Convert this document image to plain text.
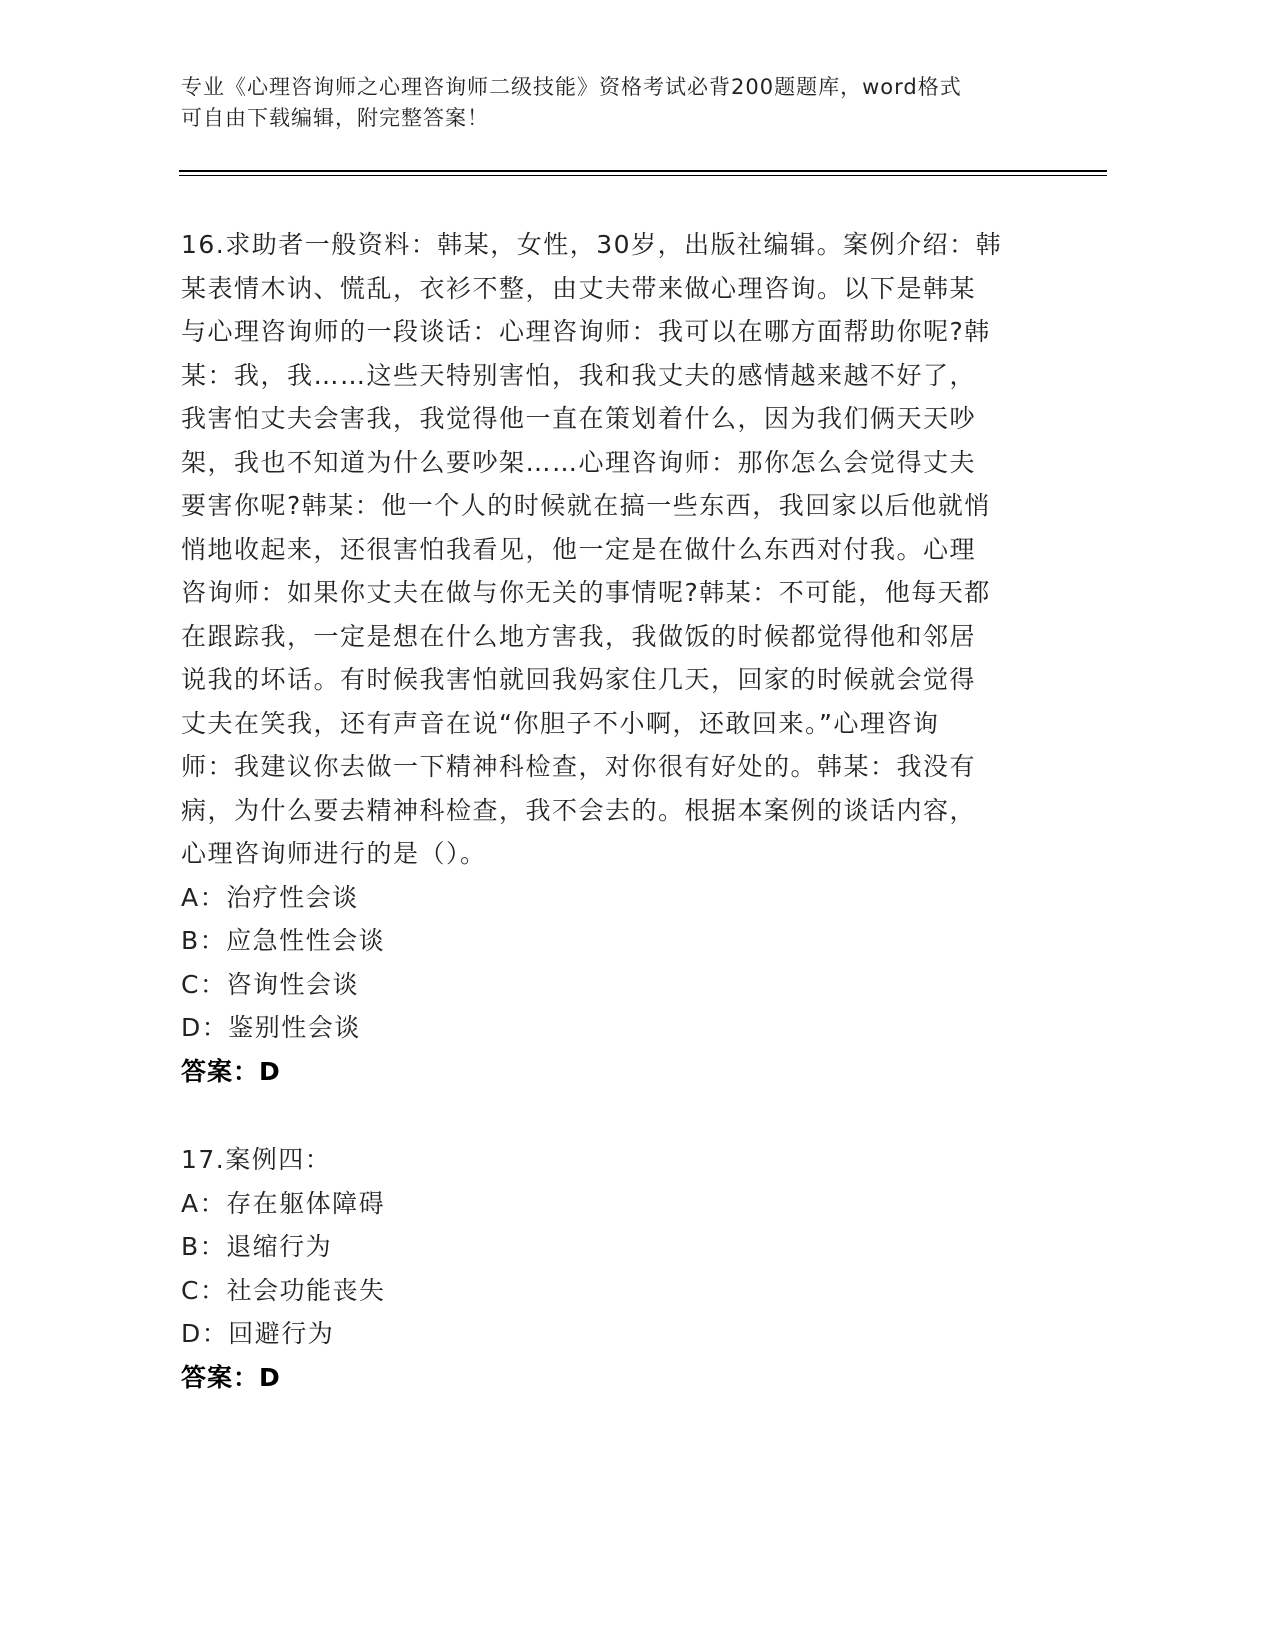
专业《心理咨询师之心理咨询师二级技能》资格考试必背200题题库，word格式
可自由下载编辑，附完整答案！
16.求助者一般资料：韩某，女性，30岁，出版社编辑。案例介绍：韩
某表情木讷、慌乱，衣衫不整，由丈夫带来做心理咨询。以下是韩某
与心理咨询师的一段谈话：心理咨询师：我可以在哪方面帮助你呢?韩
某：我，我……这些天特别害怕，我和我丈夫的感情越来越不好了，
我害怕丈夫会害我，我觉得他一直在策划着什么，因为我们俩天天吵
架，我也不知道为什么要吵架……心理咨询师：那你怎么会觉得丈夫
要害你呢?韩某：他一个人的时候就在搞一些东西，我回家以后他就悄
悄地收起来，还很害怕我看见，他一定是在做什么东西对付我。心理
咨询师：如果你丈夫在做与你无关的事情呢?韩某：不可能，他每天都
在跟踪我，一定是想在什么地方害我，我做饭的时候都觉得他和邻居
说我的坏话。有时候我害怕就回我妈家住几天，回家的时候就会觉得
丈夫在笑我，还有声音在说“你胆子不小啊，还敢回来。”心理咨询
师：我建议你去做一下精神科检查，对你很有好处的。韩某：我没有
病，为什么要去精神科检查，我不会去的。根据本案例的谈话内容，
心理咨询师进行的是（）。
A：治疗性会谈
B：应急性性会谈
C：咨询性会谈
D：鉴别性会谈
答案：D
17.案例四：
A：存在躯体障碍
B：退缩行为
C：社会功能丧失
D：回避行为
答案：D
